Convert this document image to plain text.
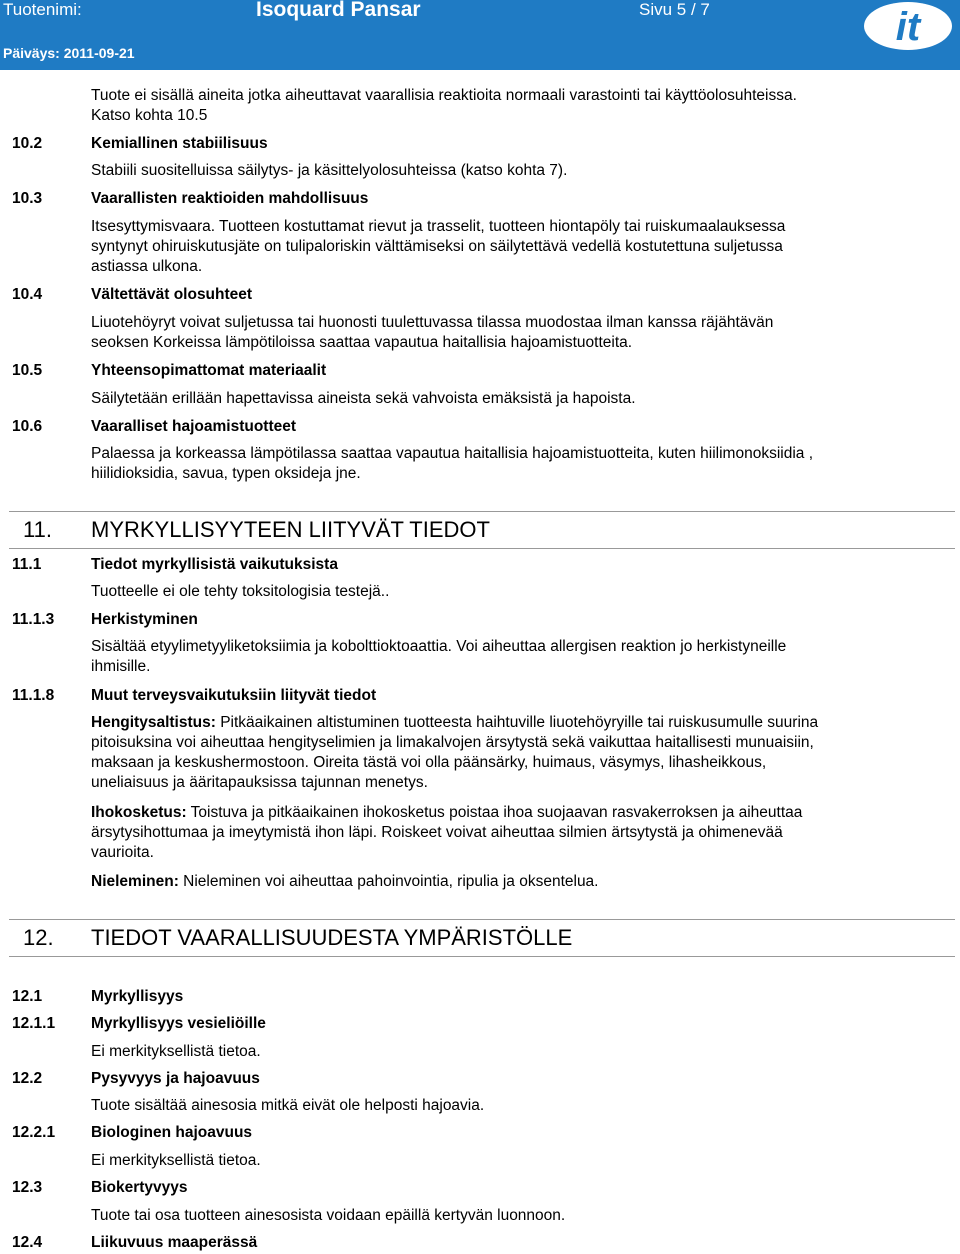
Tuotenimi:	Isoquard Pansar	Sivu 5 / 7
Päiväys: 2011-09-21
it
Tuote ei sisällä aineita jotka aiheuttavat vaarallisia reaktioita normaali varastointi tai käyttöolosuhteissa.
Katso kohta 10.5
10.2	Kemiallinen stabiilisuus
Stabiili suositelluissa säilytys- ja käsittelyolosuhteissa (katso kohta 7).
10.3	Vaarallisten reaktioiden mahdollisuus
Itsesyttymisvaara. Tuotteen kostuttamat rievut ja trasselit, tuotteen hiontapöly tai ruiskumaalauksessa
syntynyt ohiruiskutusjäte on tulipaloriskin välttämiseksi on säilytettävä vedellä kostutettuna suljetussa
astiassa ulkona.
10.4	Vältettävät olosuhteet
Liuotehöyryt voivat suljetussa tai huonosti tuulettuvassa tilassa muodostaa ilman kanssa räjähtävän
seoksen Korkeissa lämpötiloissa saattaa vapautua haitallisia hajoamistuotteita.
10.5	Yhteensopimattomat materiaalit
Säilytetään erillään hapettavissa aineista sekä vahvoista emäksistä ja hapoista.
10.6	Vaaralliset hajoamistuotteet
Palaessa ja korkeassa lämpötilassa saattaa vapautua haitallisia hajoamistuotteita, kuten hiilimonoksiidia ,
hiilidioksidia, savua, typen oksideja jne.
11. MYRKYLLISYYTEEN LIITYVÄT TIEDOT
11.1	Tiedot myrkyllisistä vaikutuksista
Tuotteelle ei ole tehty toksitologisia testejä..
11.1.3 Herkistyminen
Sisältää etyylimetyyliketoksiimia ja kobolttioktoaattia. Voi aiheuttaa allergisen reaktion jo herkistyneille
ihmisille.
11.1.8 Muut terveysvaikutuksiin liityvät tiedot
Hengitysaltistus: Pitkäaikainen altistuminen tuotteesta haihtuville liuotehöyryille tai ruiskusumulle suurina
pitoisuksina voi aiheuttaa hengityselimien ja limakalvojen ärsytystä sekä vaikuttaa haitallisesti munuaisiin,
maksaan ja keskushermostoon. Oireita tästä voi olla päänsärky, huimaus, väsymys, lihasheikkous,
uneliaisuus ja ääritapauksissa tajunnan menetys.
Ihokosketus: Toistuva ja pitkäaikainen ihokosketus poistaa ihoa suojaavan rasvakerroksen ja aiheuttaa
ärsytysihottumaa ja imeytymistä ihon läpi. Roiskeet voivat aiheuttaa silmien ärtsytystä ja ohimenevää
vaurioita.
Nieleminen: Nieleminen voi aiheuttaa pahoinvointia, ripulia ja oksentelua.
12. TIEDOT VAARALLISUUDESTA YMPÄRISTÖLLE
12.1	Myrkyllisyys
12.1.1 Myrkyllisyys vesieliöille
Ei merkityksellistä tietoa.
12.2	Pysyvyys ja hajoavuus
Tuote sisältää ainesosia mitkä eivät ole helposti hajoavia.
12.2.1 Biologinen hajoavuus
Ei merkityksellistä tietoa.
12.3	Biokertyvyys
Tuote tai osa tuotteen ainesosista voidaan epäillä kertyvän luonnoon.
12.4	Liikuvuus maaperässä
